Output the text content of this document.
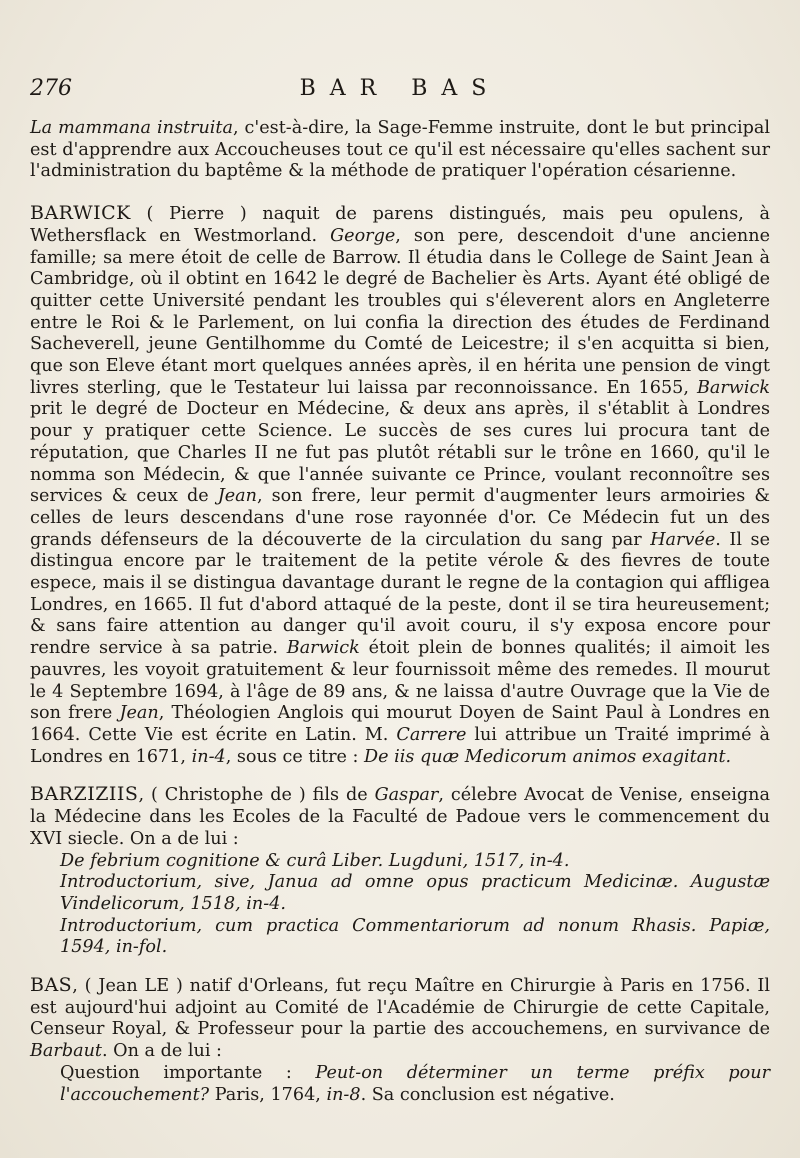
276	BAR BAS

La mammana instruita, c'est-à-dire, la Sage-Femme instruite, dont le but principal est d'apprendre aux Accoucheuses tout ce qu'il est nécessaire qu'elles sachent sur l'administration du baptême & la méthode de pratiquer l'opération césarienne.

BARWICK ( Pierre ) naquit de parens distingués, mais peu opulens, à Wethersflack en Westmorland. George, son pere, descendoit d'une ancienne famille; sa mere étoit de celle de Barrow. Il étudia dans le College de Saint Jean à Cambridge, où il obtint en 1642 le degré de Bachelier ès Arts. Ayant été obligé de quitter cette Université pendant les troubles qui s'éleverent alors en Angleterre entre le Roi & le Parlement, on lui confia la direction des études de Ferdinand Sacheverell, jeune Gentilhomme du Comté de Leicestre; il s'en acquitta si bien, que son Eleve étant mort quelques années après, il en hérita une pension de vingt livres sterling, que le Testateur lui laissa par reconnoissance. En 1655, Barwick prit le degré de Docteur en Médecine, & deux ans après, il s'établit à Londres pour y pratiquer cette Science. Le succès de ses cures lui procura tant de réputation, que Charles II ne fut pas plutôt rétabli sur le trône en 1660, qu'il le nomma son Médecin, & que l'année suivante ce Prince, voulant reconnoître ses services & ceux de Jean, son frere, leur permit d'augmenter leurs armoiries & celles de leurs descendans d'une rose rayonnée d'or. Ce Médecin fut un des grands défenseurs de la découverte de la circulation du sang par Harvée. Il se distingua encore par le traitement de la petite vérole & des fievres de toute espece, mais il se distingua davantage durant le regne de la contagion qui affligea Londres, en 1665. Il fut d'abord attaqué de la peste, dont il se tira heureusement; & sans faire attention au danger qu'il avoit couru, il s'y exposa encore pour rendre service à sa patrie. Barwick étoit plein de bonnes qualités; il aimoit les pauvres, les voyoit gratuitement & leur fournissoit même des remedes. Il mourut le 4 Septembre 1694, à l'âge de 89 ans, & ne laissa d'autre Ouvrage que la Vie de son frere Jean, Théologien Anglois qui mourut Doyen de Saint Paul à Londres en 1664. Cette Vie est écrite en Latin. M. Carrere lui attribue un Traité imprimé à Londres en 1671, in-4, sous ce titre : De iis quæ Medicorum animos exagitant.

BARZIZIIS, ( Christophe de ) fils de Gaspar, célebre Avocat de Venise, enseigna la Médecine dans les Ecoles de la Faculté de Padoue vers le commencement du XVI siecle. On a de lui :

De febrium cognitione & curâ Liber. Lugduni, 1517, in-4.

Introductorium, sive, Janua ad omne opus practicum Medicinæ. Augustæ Vindelicorum, 1518, in-4.

Introductorium, cum practica Commentariorum ad nonum Rhasis. Papiæ, 1594, in-fol.

BAS, ( Jean LE ) natif d'Orleans, fut reçu Maître en Chirurgie à Paris en 1756. Il est aujourd'hui adjoint au Comité de l'Académie de Chirurgie de cette Capitale, Censeur Royal, & Professeur pour la partie des accouchemens, en survivance de Barbaut. On a de lui :

Question importante : Peut-on déterminer un terme préfix pour l'accouchement? Paris, 1764, in-8. Sa conclusion est négative.
